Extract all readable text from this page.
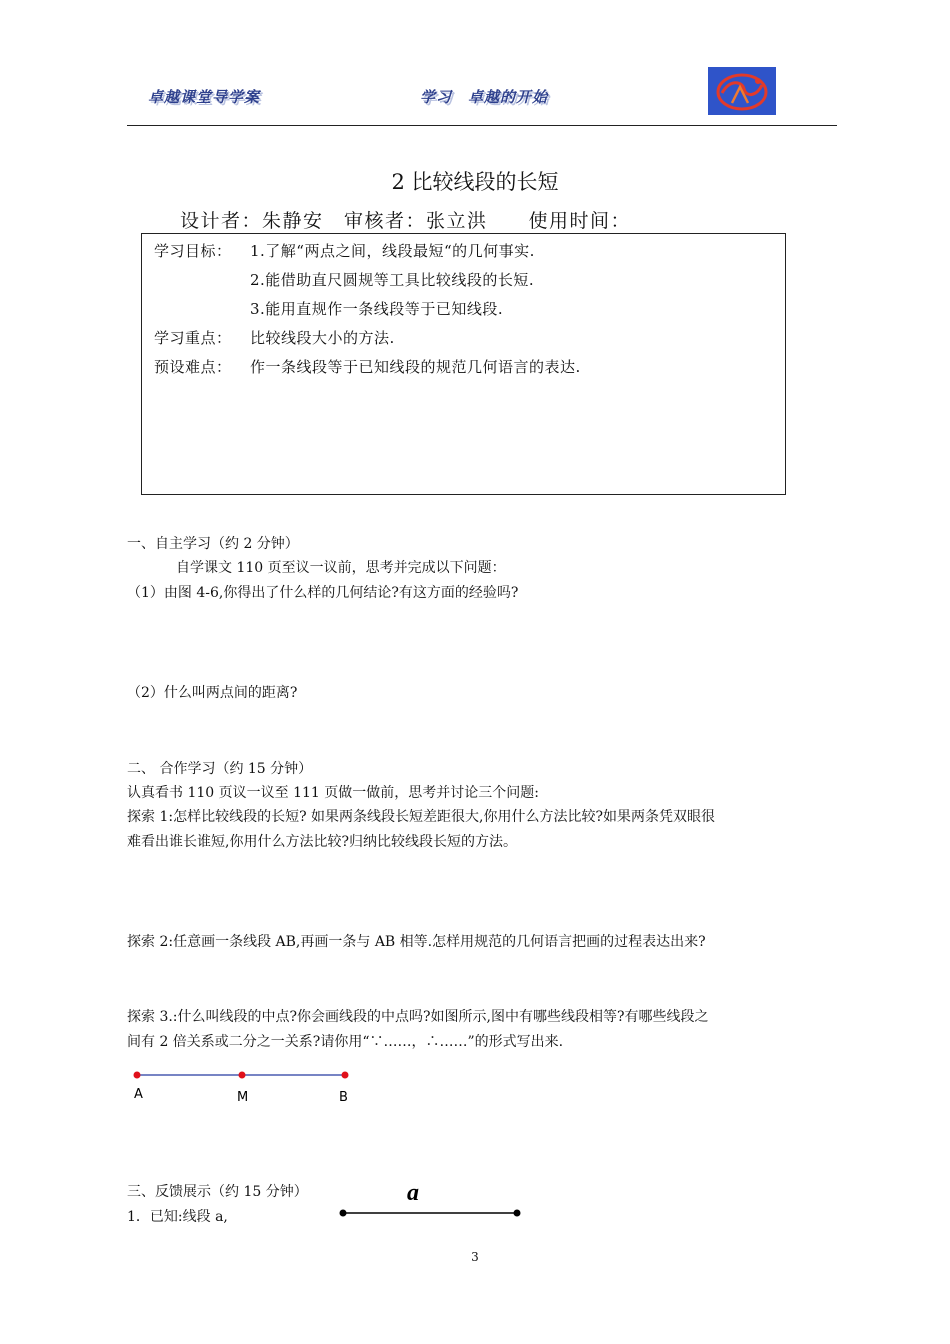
卓越课堂导学案	学习　卓越的开始
2 比较线段的长短
设计者：朱静安　审核者：张立洪　　使用时间：
学习目标： 1.了解“两点之间，线段最短“的几何事实.
2.能借助直尺圆规等工具比较线段的长短.
3.能用直规作一条线段等于已知线段.
学习重点： 比较线段大小的方法.
预设难点： 作一条线段等于已知线段的规范几何语言的表达.
一、自主学习（约 2 分钟）
自学课文 110 页至议一议前，思考并完成以下问题：
（1）由图 4-6,你得出了什么样的几何结论?有这方面的经验吗?
（2）什么叫两点间的距离?
二、 合作学习（约 15 分钟）
认真看书 110 页议一议至 111 页做一做前，思考并讨论三个问题:
探索 1:怎样比较线段的长短? 如果两条线段长短差距很大,你用什么方法比较?如果两条凭双眼很
难看出谁长谁短,你用什么方法比较?归纳比较线段长短的方法。
探索 2:任意画一条线段 AB,再画一条与 AB 相等.怎样用规范的几何语言把画的过程表达出来?
探索 3.:什么叫线段的中点?你会画线段的中点吗?如图所示,图中有哪些线段相等?有哪些线段之
间有 2 倍关系或二分之一关系?请你用“∵……，∴……”的形式写出来.
A	M	B
三、反馈展示（约 15 分钟）
1．已知:线段 a,
a
3
